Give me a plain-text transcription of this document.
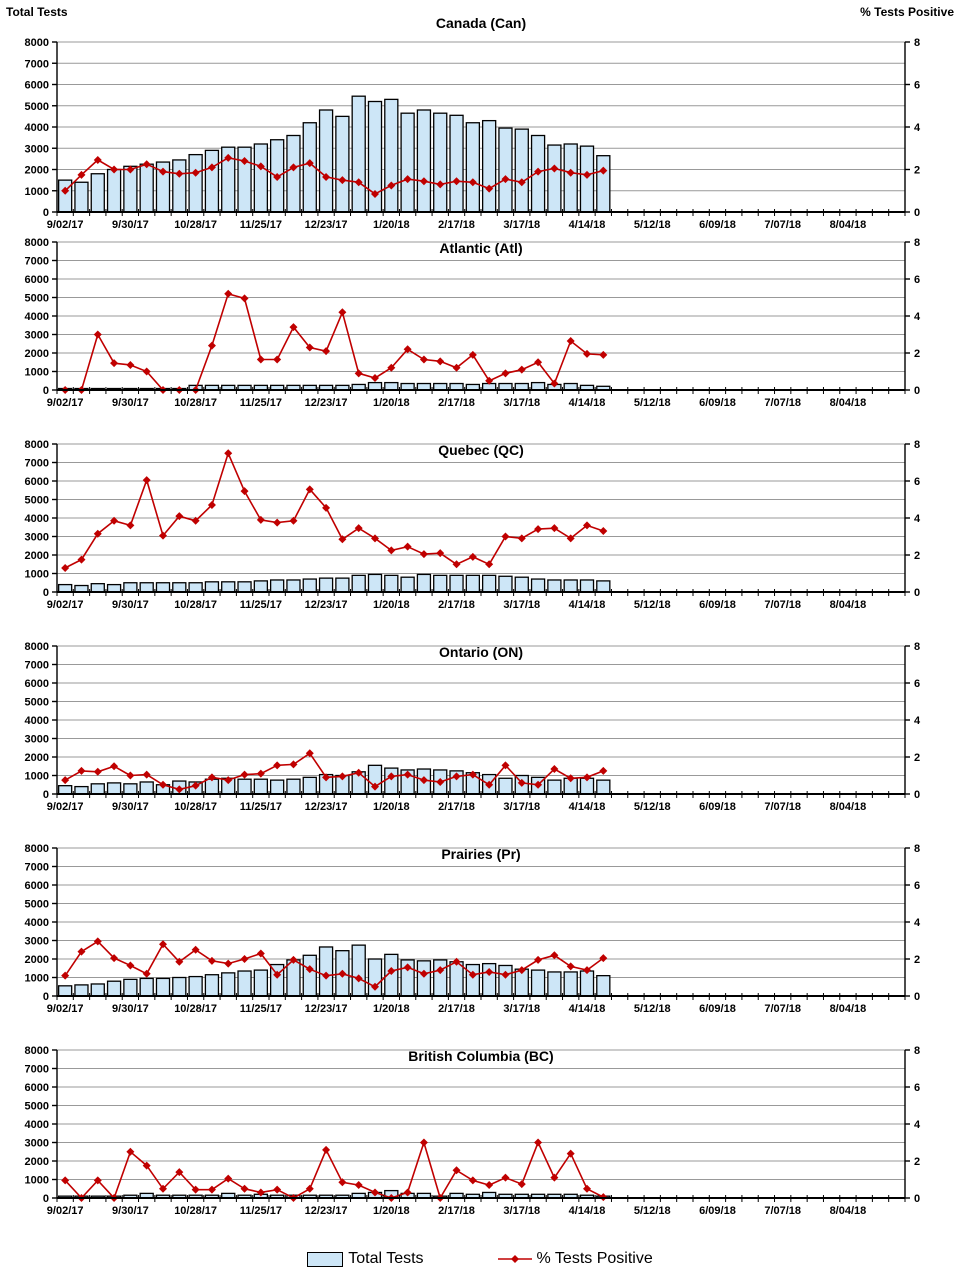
0
1000
2000
3000
4000
5000
6000
7000
8000
0
2
4
6
8
9/02/17	9/30/17 10/28/17 11/25/17 12/23/17 1/20/18	2/17/18	3/17/18	4/14/18	5/12/18	6/09/18	7/07/18	8/04/18
Canada (Can)
Total Tests	% Tests Positive
0
1000
2000
3000
4000
5000
6000
7000
8000
0
2
4
6
8
9/02/17	9/30/17 10/28/17 11/25/17 12/23/17 1/20/18	2/17/18	3/17/18	4/14/18	5/12/18	6/09/18	7/07/18	8/04/18
Atlantic (Atl)
0
1000
2000
3000
4000
5000
6000
7000
8000
0
2
4
6
8
9/02/17	9/30/17 10/28/17 11/25/17 12/23/17 1/20/18	2/17/18	3/17/18	4/14/18	5/12/18	6/09/18	7/07/18	8/04/18
Quebec (QC)
0
1000
2000
3000
4000
5000
6000
7000
8000
0
2
4
6
8
9/02/17	9/30/17 10/28/17 11/25/17 12/23/17 1/20/18	2/17/18	3/17/18	4/14/18	5/12/18	6/09/18	7/07/18	8/04/18
Ontario (ON)
0
1000
2000
3000
4000
5000
6000
7000
8000
0
2
4
6
8
9/02/17	9/30/17 10/28/17 11/25/17 12/23/17 1/20/18	2/17/18	3/17/18	4/14/18	5/12/18	6/09/18	7/07/18	8/04/18
Prairies (Pr)
0
1000
2000
3000
4000
5000
6000
7000
8000
0
2
4
6
8
9/02/17	9/30/17 10/28/17 11/25/17 12/23/17 1/20/18	2/17/18	3/17/18	4/14/18	5/12/18	6/09/18	7/07/18	8/04/18
British Columbia (BC)
Total Tests	% Tests Positive
